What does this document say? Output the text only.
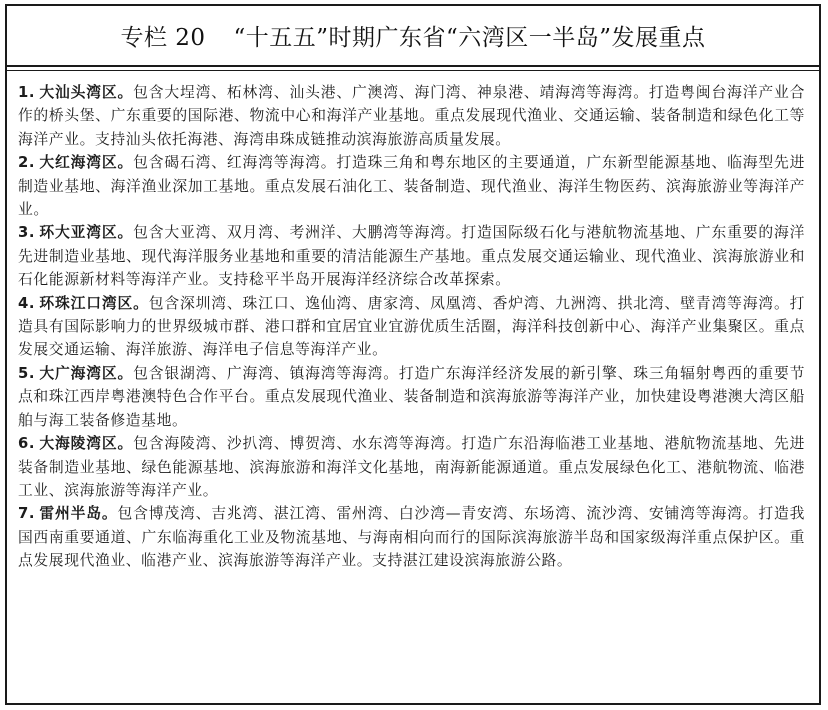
专栏 20 “十五五”时期广东省“六湾区一半岛”发展重点

1. 大汕头湾区。包含大埕湾、柘林湾、汕头港、广澳湾、海门湾、神泉港、靖海湾等海湾。打造粤闽台海洋产业合作的桥头堡、广东重要的国际港、物流中心和海洋产业基地。重点发展现代渔业、交通运输、装备制造和绿色化工等海洋产业。支持汕头依托海港、海湾串珠成链推动滨海旅游高质量发展。

2. 大红海湾区。包含碣石湾、红海湾等海湾。打造珠三角和粤东地区的主要通道，广东新型能源基地、临海型先进制造业基地、海洋渔业深加工基地。重点发展石油化工、装备制造、现代渔业、海洋生物医药、滨海旅游业等海洋产业。

3. 环大亚湾区。包含大亚湾、双月湾、考洲洋、大鹏湾等海湾。打造国际级石化与港航物流基地、广东重要的海洋先进制造业基地、现代海洋服务业基地和重要的清洁能源生产基地。重点发展交通运输业、现代渔业、滨海旅游业和石化能源新材料等海洋产业。支持稔平半岛开展海洋经济综合改革探索。

4. 环珠江口湾区。包含深圳湾、珠江口、逸仙湾、唐家湾、凤凰湾、香炉湾、九洲湾、拱北湾、壁青湾等海湾。打造具有国际影响力的世界级城市群、港口群和宜居宜业宜游优质生活圈，海洋科技创新中心、海洋产业集聚区。重点发展交通运输、海洋旅游、海洋电子信息等海洋产业。

5. 大广海湾区。包含银湖湾、广海湾、镇海湾等海湾。打造广东海洋经济发展的新引擎、珠三角辐射粤西的重要节点和珠江西岸粤港澳特色合作平台。重点发展现代渔业、装备制造和滨海旅游等海洋产业，加快建设粤港澳大湾区船舶与海工装备修造基地。

6. 大海陵湾区。包含海陵湾、沙扒湾、博贺湾、水东湾等海湾。打造广东沿海临港工业基地、港航物流基地、先进装备制造业基地、绿色能源基地、滨海旅游和海洋文化基地，南海新能源通道。重点发展绿色化工、港航物流、临港工业、滨海旅游等海洋产业。

7. 雷州半岛。包含博茂湾、吉兆湾、湛江湾、雷州湾、白沙湾—青安湾、东场湾、流沙湾、安铺湾等海湾。打造我国西南重要通道、广东临海重化工业及物流基地、与海南相向而行的国际滨海旅游半岛和国家级海洋重点保护区。重点发展现代渔业、临港产业、滨海旅游等海洋产业。支持湛江建设滨海旅游公路。
